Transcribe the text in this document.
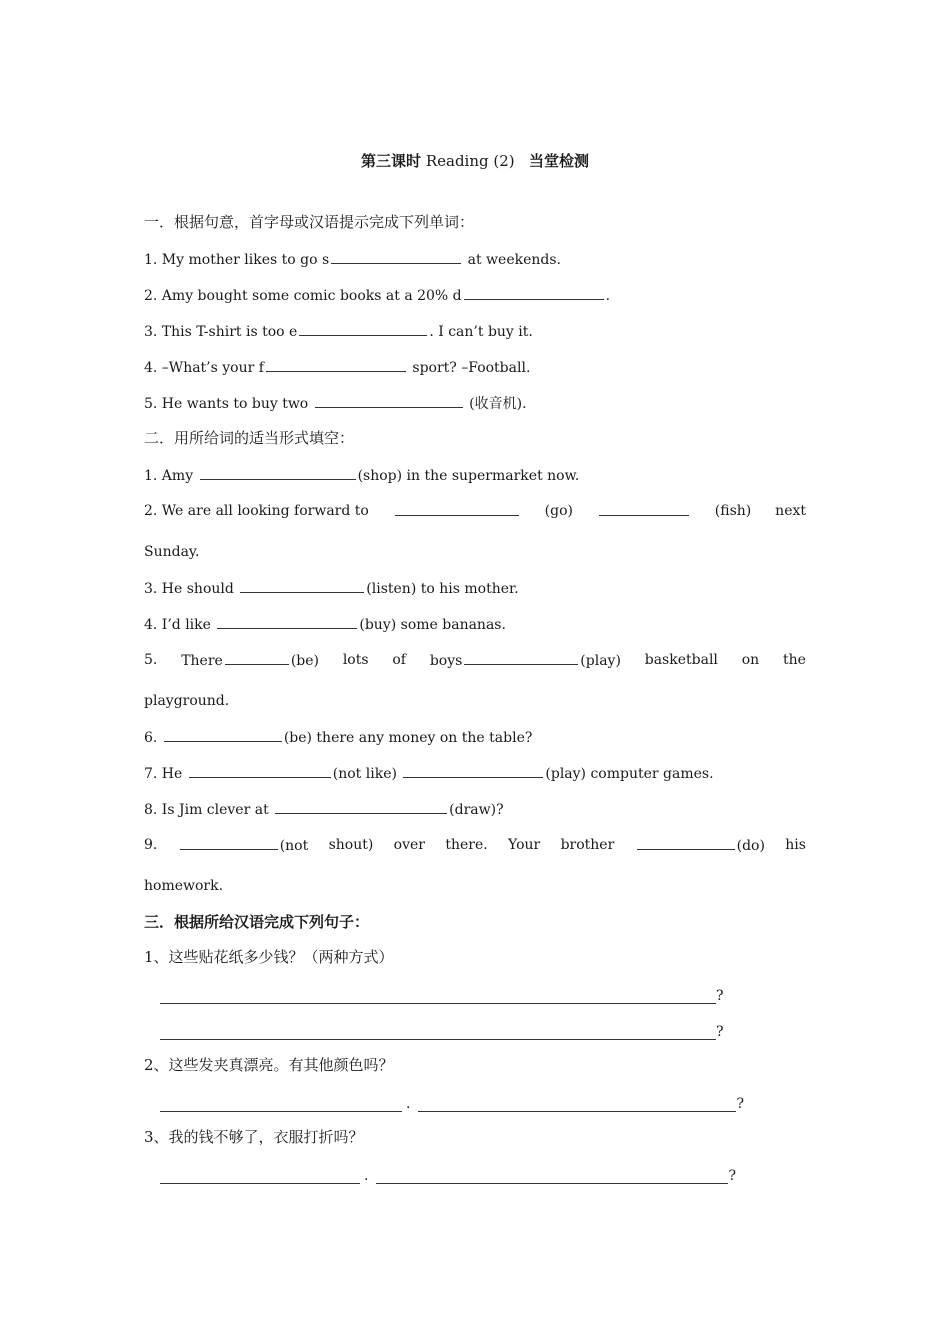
第三课时 Reading (2) 当堂检测
一．根据句意，首字母或汉语提示完成下列单词：
1. My mother likes to go s	at weekends.
2. Amy bought some comic books at a 20% d	.
3. This T-shirt is too e	. I can’t buy it.
4. –What’s your f	sport? –Football.
5. He wants to buy two	(收音机).
二．用所给词的适当形式填空：
1. Amy	(shop) in the supermarket now.
2. We are all looking forward to	(go)	(fish) next
Sunday.
3. He should	(listen) to his mother.
4. I’d like	(buy) some bananas.
5. There	(be) lots of boys	(play) basketball on the
playground.
6.	(be) there any money on the table?
7. He	(not like)	(play) computer games.
8. Is Jim clever at	(draw)?
9.	(not shout) over there. Your brother	(do) his
homework.
三．根据所给汉语完成下列句子：
1、这些贴花纸多少钱？（两种方式）
?
?
2、这些发夹真漂亮。有其他颜色吗？
.	?
3、我的钱不够了，衣服打折吗？
.	?
